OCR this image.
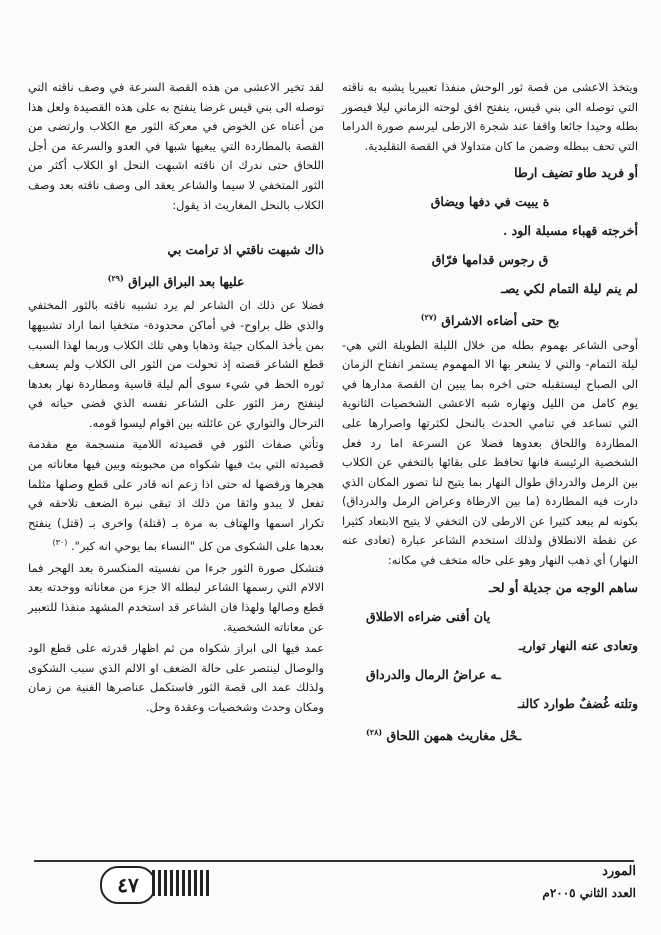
ويتخذ الاعشى من قصة ثور الوحش منفذا تعبيريا يشبه به ناقته التي توصله الى بني قيس، ينفتح افق لوحته الزماني ليلا فيصور بطله وحيدا جائعا واقفا عند شجرة الارطى ليرسم صورة الدراما التي تحف ببطله وضمن ما كان متداولا في القصة التقليدية.

أو فريد طاو تضيف ارطا
ة يبيت في دفها ويضاق
أخرجته قهباء مسبلة الود .
ق رجوس قدامها فرّاق
لم ينم ليلة التمام لكي يصـ
بح حتى أضاءه الاشراق $^{(٢٧)}$

أوحى الشاعر بهموم بطله من خلال الليلة الطويلة التي هي- ليلة التمام- والتي لا يشعر بها الا المهموم يستمر انفتاح الزمان الى الصباح ليستقبله حتى اخره بما يبين ان القصة مدارها في يوم كامل من الليل ونهاره شبه الاعشى الشخصيات الثانوية التي تساعد في تنامي الحدث بالنحل لكثرتها واصرارها على المطاردة واللحاق بعدوها فضلا عن السرعة اما رد فعل الشخصية الرئيسة فانها تحافظ على بقائها بالتخفي عن الكلاب بين الرمل والدرداق طوال النهار بما يتيح لنا تصور المكان الذي دارت فيه المطاردة (ما بين الارطاة وعراض الرمل والدرداق) بكونه لم يبعد كثيرا عن الارطى لان التخفي لا يتيح الابتعاد كثيرا عن نقطة الانطلاق ولذلك استخدم الشاعر عبارة (تعادى عنه النهار) أي ذهب النهار وهو على حاله متخف في مكانه:

ساهم الوجه من جديلة أو لحـ
يان أفنى ضراءه الاطلاق
وتعادى عنه النهار تواريـ
ـه عراضُ الرمال والدرداق
وتلته غُضفٌ طوارد كالنـ
ـحْل مغاريث همهن اللحاق $^{(٢٨)}$

لقد تخير الاعشى من هذه القصة السرعة في وصف ناقته التي توصله الى بني قيس غرضا ينفتح به على هذه القصيدة ولعل هذا من أعناه عن الخوض في معركة الثور مع الكلاب وارتضى من القصة بالمطاردة التي يبغيها شبها في العدو والسرعة من أجل اللحاق حتى ندرك ان ناقته اشبهت النحل او الكلاب أكثر من الثور المتخفي لا سيما والشاعر يعقد الى وصف ناقته بعد وصف الكلاب بالنحل المغاريث اذ يقول:

ذاك شبهت ناقتي اذ ترامت بي
عليها بعد البراق البراق $^{(٢٩)}$

فضلا عن ذلك ان الشاعر لم يرد تشبيه ناقته بالثور المختفي والذي ظل براوح- في أماكن محدودة- متخفيا انما اراد تشبيهها بمن يأخذ المكان جيئة وذهابا وهي تلك الكلاب وربما لهذا السبب قطع الشاعر قصته إذ تحولت من الثور الى الكلاب ولم يسعف ثوره الحظ في شيء سوى ألم ليلة قاسية ومطاردة نهار بعدها لينفتح رمز الثور على الشاعر نفسه الذي قضى حياته في الترحال والتواري عن عائلته بين اقوام ليسوا قومه.

وتأتي صفات الثور في قصيدته اللامية منسجمة مع مقدمة قصيدته التي بث فيها شكواه من محبوبته وبين فيها معاناته من هجرها ورفضها له حتى اذا زعم انه قادر على قطع وصلها مثلما تفعل لا يبدو واثقا من ذلك اذ تبقى نبرة الضعف تلاحقه في تكرار اسمها والهتاف به مرة بـ (قتلة) واخرى بـ (قتل) ينفتح بعدها على الشكوى من كل "النساء بما يوحي انه كبر". $^{(٣٠)}$

فتشكل صورة الثور جرءا من نفسيته المنكسرة بعد الهجر فما الالام التي رسمها الشاعر لبطله الا جزء من معاناته ووحدته بعد قطع وصالها ولهذا فان الشاعر قد استخدم المشهد منفذا للتعبير عن معاناته الشخصية.

عمد فيها الى ابراز شكواه من ثم اظهار قدرته على قطع الود والوصال لينتصر على حالة الضعف او الالم الذي سبب الشكوى ولذلك عمد الى قصة الثور فاستكمل عناصرها الفنية من زمان ومكان وحدث وشخصيات وعقدة وحل.

٤٧
المورد
العدد الثاني ٢٠٠٥م
